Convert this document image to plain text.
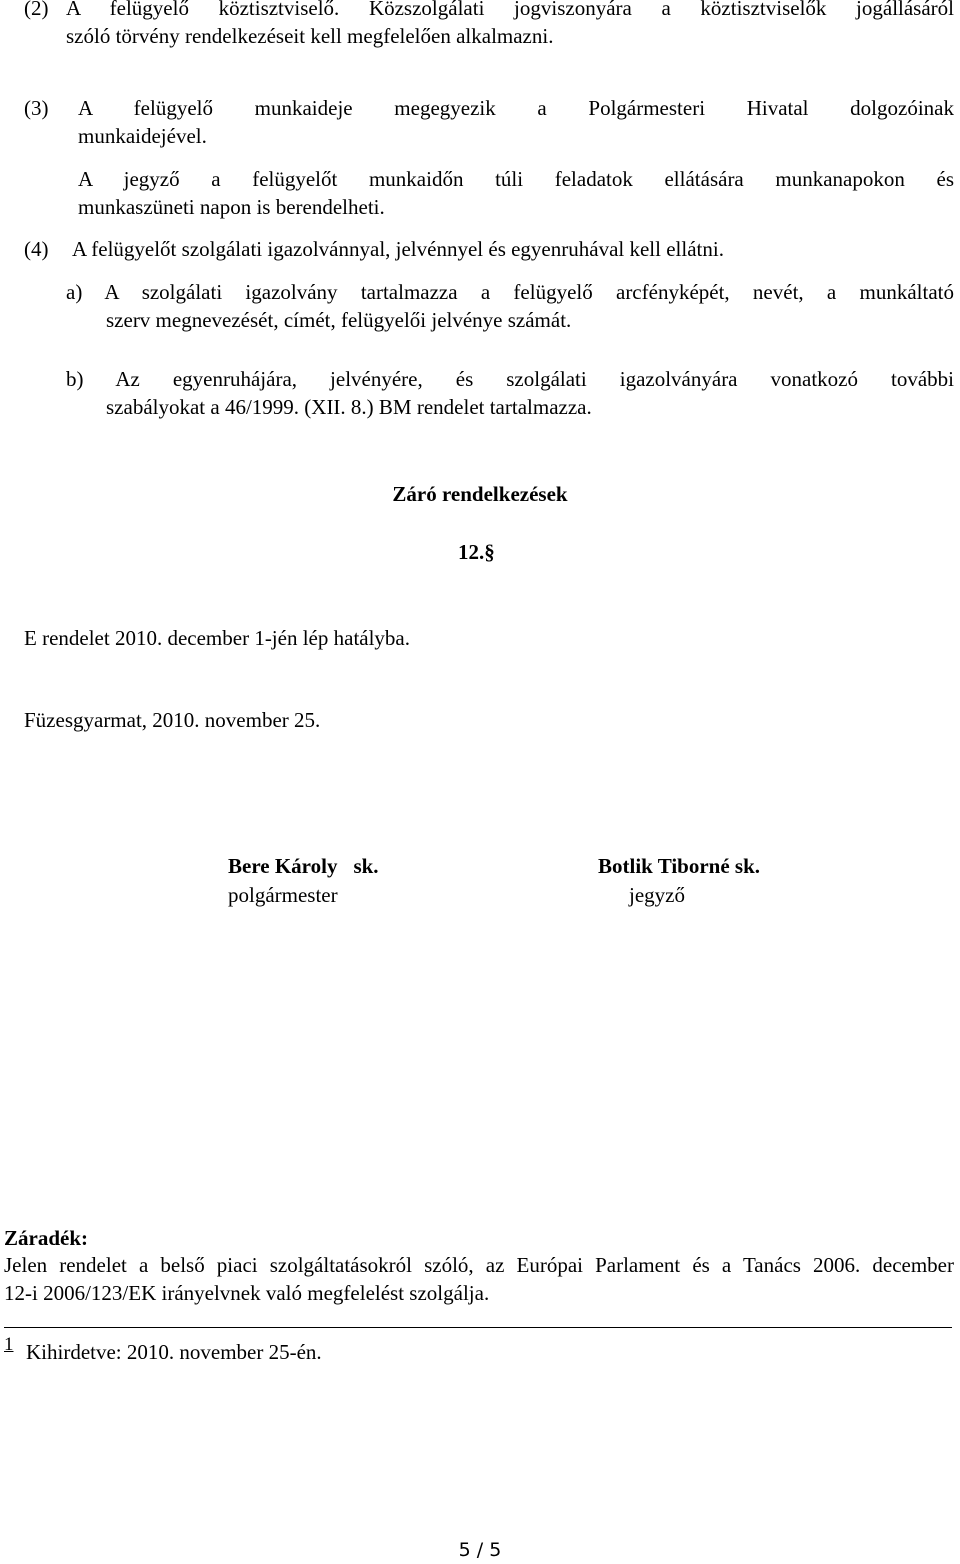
(2) A felügyelő köztisztviselő. Közszolgálati jogviszonyára a köztisztviselők jogállásáról
szóló törvény rendelkezéseit kell megfelelően alkalmazni.
(3) A felügyelő munkaideje megegyezik a Polgármesteri Hivatal dolgozóinak
munkaidejével.
A jegyző a felügyelőt munkaidőn túli feladatok ellátására munkanapokon és
munkaszüneti napon is berendelheti.
(4) A felügyelőt szolgálati igazolvánnyal, jelvénnyel és egyenruhával kell ellátni.
a) A szolgálati igazolvány tartalmazza a felügyelő arcfényképét, nevét, a munkáltató
szerv megnevezését, címét, felügyelői jelvénye számát.
b) Az egyenruhájára, jelvényére, és szolgálati igazolványára vonatkozó további
szabályokat a 46/1999. (XII. 8.) BM rendelet tartalmazza.
Záró rendelkezések
12.§
E rendelet 2010. december 1-jén lép hatályba.
Füzesgyarmat, 2010. november 25.
Bere Károly sk.
polgármester
Botlik Tiborné sk.
jegyző
Záradék:
Jelen rendelet a belső piaci szolgáltatásokról szóló, az Európai Parlament és a Tanács 2006. december
12-i 2006/123/EK irányelvnek való megfelelést szolgálja.
1 Kihirdetve: 2010. november 25-én.
5 / 5
